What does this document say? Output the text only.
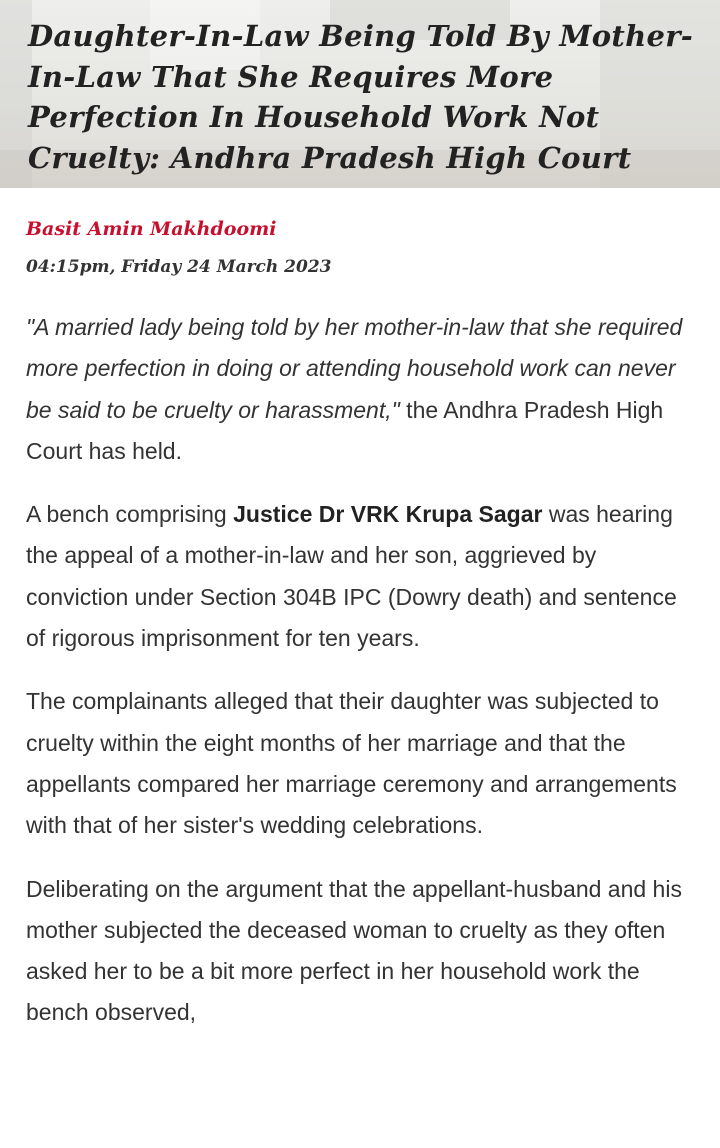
Daughter-In-Law Being Told By Mother-In-Law That She Requires More Perfection In Household Work Not Cruelty: Andhra Pradesh High Court
Basit Amin Makhdoomi
04:15pm, Friday 24 March 2023

"A married lady being told by her mother-in-law that she required more perfection in doing or attending household work can never be said to be cruelty or harassment," the Andhra Pradesh High Court has held.

A bench comprising Justice Dr VRK Krupa Sagar was hearing the appeal of a mother-in-law and her son, aggrieved by conviction under Section 304B IPC (Dowry death) and sentence of rigorous imprisonment for ten years.

The complainants alleged that their daughter was subjected to cruelty within the eight months of her marriage and that the appellants compared her marriage ceremony and arrangements with that of her sister's wedding celebrations.

Deliberating on the argument that the appellant-husband and his mother subjected the deceased woman to cruelty as they often asked her to be a bit more perfect in her household work the bench observed,
